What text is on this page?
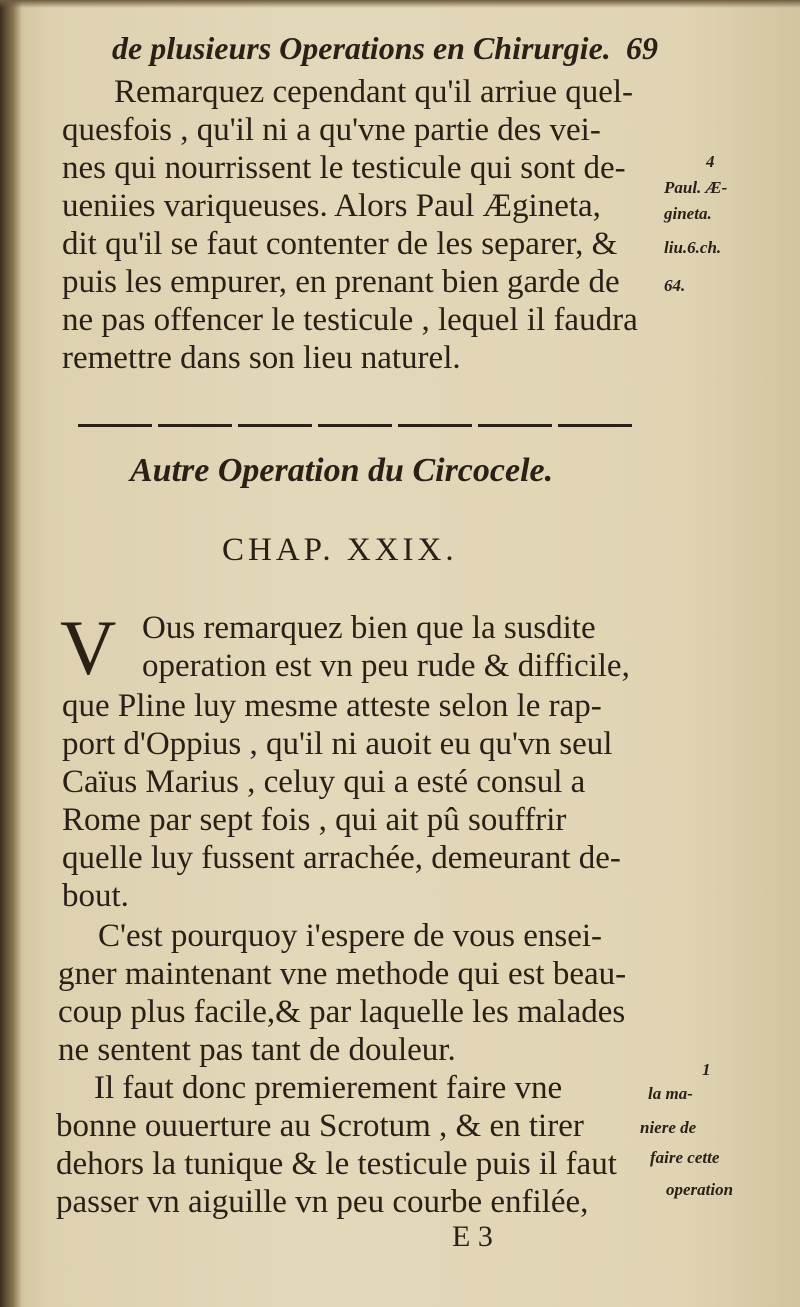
de plusieurs Operations en Chirurgie. 69
Remarquez cependant qu'il arriue quel-
quesfois , qu'il ni a qu'vne partie des vei-
nes qui nourrissent le testicule qui sont de-
ueniies variqueuses. Alors Paul Ægineta,
dit qu'il se faut contenter de les separer, &
puis les empurer, en prenant bien garde de
ne pas offencer le testicule , lequel il faudra
remettre dans son lieu naturel.
4
Paul. Æ-
gineta.
liu.6.ch.
64.
Autre Operation du Circocele.
CHAP. XXIX.
V Ous remarquez bien que la susdite
operation est vn peu rude & difficile,
que Pline luy mesme atteste selon le rap-
port d'Oppius , qu'il ni auoit eu qu'vn seul
Caïus Marius , celuy qui a esté consul a
Rome par sept fois , qui ait pû souffrir
quelle luy fussent arrachée, demeurant de-
bout.
C'est pourquoy i'espere de vous ensei-
gner maintenant vne methode qui est beau-
coup plus facile,& par laquelle les malades
ne sentent pas tant de douleur.
Il faut donc premierement faire vne
bonne ouuerture au Scrotum , & en tirer
dehors la tunique & le testicule puis il faut
passer vn aiguille vn peu courbe enfilée,
1
la ma-
niere de
faire cette
operation
E 3
